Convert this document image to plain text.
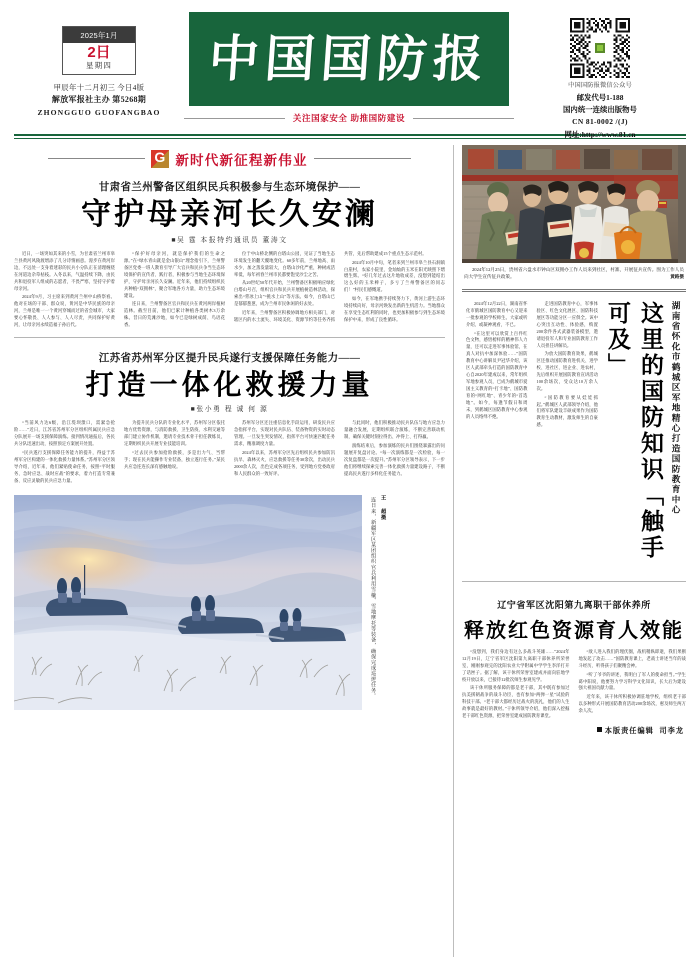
2025年1月
2日
星期四
甲辰年十二月初三 今日4版
解放军报社主办 第5268期
ZHONGGUO GUOFANGBAO
中国国防报
关注国家安全 助推国防建设
中国国防报微信公众号
邮发代号1-188
国内统一连续出版物号
CN 81-0002 /(J)
网址:http://www.81.cn
G
新时代新征程新伟业
甘肃省兰州警备区组织民兵积极参与生态环境保护——
守护母亲河长久安澜
■吴 霆 本报特约通讯员 董涛文

近日，一场突如其来的小雪，为甘肃省兰州市皋兰县黄河风陵渡增添了几分诗情画意。漫步在黄河岸边，不远处一支身着迷彩的民兵小分队正在清理缠绕在河道边杂草枯枝。入冬以来，气温持续下降，由民兵和退役军人组成的志愿者，不畏严寒，坚持守护着母亲河。

2024年9月，习主席来到黄河兰州中山桥察看。他对在场的干部、群众说，黄河是中华民族的母亲河，兰州是唯一一个黄河穿城而过的省会城市，大家要心怀敬畏、人人参与、人人尽责，共同保护好黄河，让母亲河永续造福子孙后代。

“保护好母亲河，就是保护我们的生命之源。”在“绿水青山就是金山银山”理念指引下，兰州警备区党委一班人教育引导广大官兵和民兵争当生态环境保护的宣传者、践行者，积极参与当地生态环境保护，守护母亲河长久安澜。近年来，他们持续组织民兵种植“双拥林”，聚合军地各方力量，助力生态环境建设。

连日来，兰州警备区官兵和民兵在黄河两岸植树造林。截至目前，他们已累计种植各类树木3万余株。昔日的荒滩沙地，如今已是绿树成荫、鸟语花香。

位于中山桥北侧的白塔山公园，见证了当地生态环境发生的翻天覆地变化。60多年前，兰州地高、雨水少，加之蒸发量较大，白塔山沙化严重，种树成活率低，每年初春兰州市民都要饱受沙尘之苦。

从20世纪50年代开始，兰州警备区积极响应绿化白塔山号召，组织官兵和民兵开展植树造林活动，探索出“背冰上山”“挑水上山”等方法。如今，白塔山已是郁郁葱葱，成为兰州市民休闲的好去处。

近年来，兰州警备区积极协调地方相关部门，对辖区内的水土流失、环境美化、资源节约等任务齐抓共管，先后帮助建成15个重点生态示范村。

2024年10月中旬，笔者来到兰州市皋兰县石洞镇白崖村，农家小院里，金灿灿的玉米在阳光映照下熠熠生辉。“好几年过去这片地收成差，没想到能结出这么好的玉米棒子，多亏了兰州警备区的同志们！”村民们感慨道。

如今，在军地携手持续努力下，黄河上游生态环境持续向好，母亲河焕发出新的生机活力。当地群众在享受生态红利的同时，也更加积极参与到生态环境保护中来，形成了良性循环。

江苏省苏州军分区提升民兵遂行支援保障任务能力——
打造一体化救援力量
■张小勇 程 诚 何 源

“当前风力达6级，沿江堤坝溃口，需紧急抢险……”近日，江苏省苏州军分区组织所属民兵应急分队展开一场支援保障演练。接到情况通报后，各民兵分队迅速出动，按照预定方案展开处置。

“民兵遂行支援保障任务能力的提升，得益于苏州军分区构建的一体化救援力量体系。”苏州军分区领导介绍，近年来，他们紧贴使命任务，按照“平时服务、急时应急、战时应战”的要求，着力打造专常兼备、反应灵敏的民兵应急力量。

为提升民兵分队的专业化水平，苏州军分区依托地方优势资源，与消防救援、卫生防疫、水利交通等部门建立协作机制，邀请专业技术骨干担任教练员，定期组织民兵开展专业技能培训。

“过去民兵参加抢险救援，多是出力气、当帮手；现在民兵能操作专业装备，独立遂行任务。”某民兵应急连连长深有感触地说。

苏州军分区还注重信息化手段运用，研发民兵应急指挥平台，实现对民兵队伍、装备物资的实时动态管理。一旦发生突发情况，指挥平台可快速匹配任务需求，精准调度力量。

2024年以来，苏州军分区先后组织民兵参加防汛抗旱、森林灭火、应急救援等任务30余次，出动民兵2000余人次，出色完成各项任务，受到地方党委政府和人民群众的一致好评。

与此同时，他们积极推动民兵队伍与地方应急力量融合发展，定期组织联合演练，不断完善联动机制，确保关键时刻拉得出、冲得上、打得赢。

演练结束后，参加演练的民兵们围绕暴露出的问题展开复盘讨论。“每一次演练都是一次检验，每一次复盘都是一次提升。”苏州军分区领导表示，下一步他们将继续探索完善一体化救援力量建设路子，不断提高民兵遂行多样化任务能力。

连日来，新疆军区某团组织官兵利用雪橇、雪地摩托等装备，确保完成巡逻任务。 王 超摄
2024年12月25日，贵州省六盘水市钟山区双拥办工作人员来到社区，村寨，开展征兵宣传。图为工作人员向大学生宣传征兵政策。	黄路摄
湖南省怀化市鹤城区军地精心打造国防教育中心
这里的国防知识「触手可及」

2024年12月22日，湖南省怀化市鹤城区国防教育中心又迎来一批参观的学校师生。大家或听介绍、或凝神观看，不已。

“在这里可以欣赏上百件红色文物，感悟榜样的精神伟人力量，还可以走进军事体验馆，在真人对抗中加深体验……”国防教育中心讲解员尹冠华介绍，该区人武部牵头打造的国防教育中心自2020年建成以来，常年组织军地参观人员，已成为鹤城市爱国主义教育的“打卡地”、国防教育的“网红地”、青少年的“首选地”。如今，每逢节假日和周末，到鹤城区国防教育中心参观的人员络绎不绝。

走进国防教育中心，军事体验区、红色文化展区、国防科技展区等功能分区一应俱全。该中心突出互动性、体验感，购置200余件各式武器装备模型，邀请退役军人和专业国防教育工作人员担任讲解员。

为放大国防教育效果，鹤城区还推动国防教育进机关、进学校、进社区、进企业、进农村，先后组织开展国防教育宣讲活动100余场次，受众达10万余人次。

“国防教育要从娃娃抓起。”鹤城区人武部领导介绍，他们将军队建设丰硕成果作为国防教育生动教材，激发师生的自豪感。

辽宁省军区沈阳第九离职干部休养所
释放红色资源育人效能

“没想到，我们身边有这么多战斗英雄……”2024年12月19日，辽宁省军区沈阳第九离职干部休养所荣誉室，刚刚参观完的沈阳农业大学附属中学学生李洋打开了话匣子。据了解，该干休所荣誉室建成并面向驻地学校开放以来，已接待12批次师生参观见学。

该干休所服务保障的都是老干部，其中既有参加过抗美援朝战争的战斗功臣，也有参加“两弹一星”试验的科技干部。“老干部大都经历过战火的洗礼，他们的人生故事就是最好的教材。”干休所领导介绍，他们深入挖掘老干部红色资源，把荣誉室建成国防教育课堂。

“敌人进入我们的埋伏圈，战机稍纵即逝，我们果断地发起了攻击……”国防教育课上，老战士讲述当年的战斗经历，听得孩子们聚精会神。

“听了爷爷的讲述，我明白了军人的使命担当。”学生葛中阳说，他要努力学习科学文化知识，长大后为建设强大祖国贡献力量。

近年来，该干休所积极协调驻地学校，组织老干部以多种形式开展国防教育活动200余场次，惠及师生两万余人次。

本版责任编辑 司李龙
